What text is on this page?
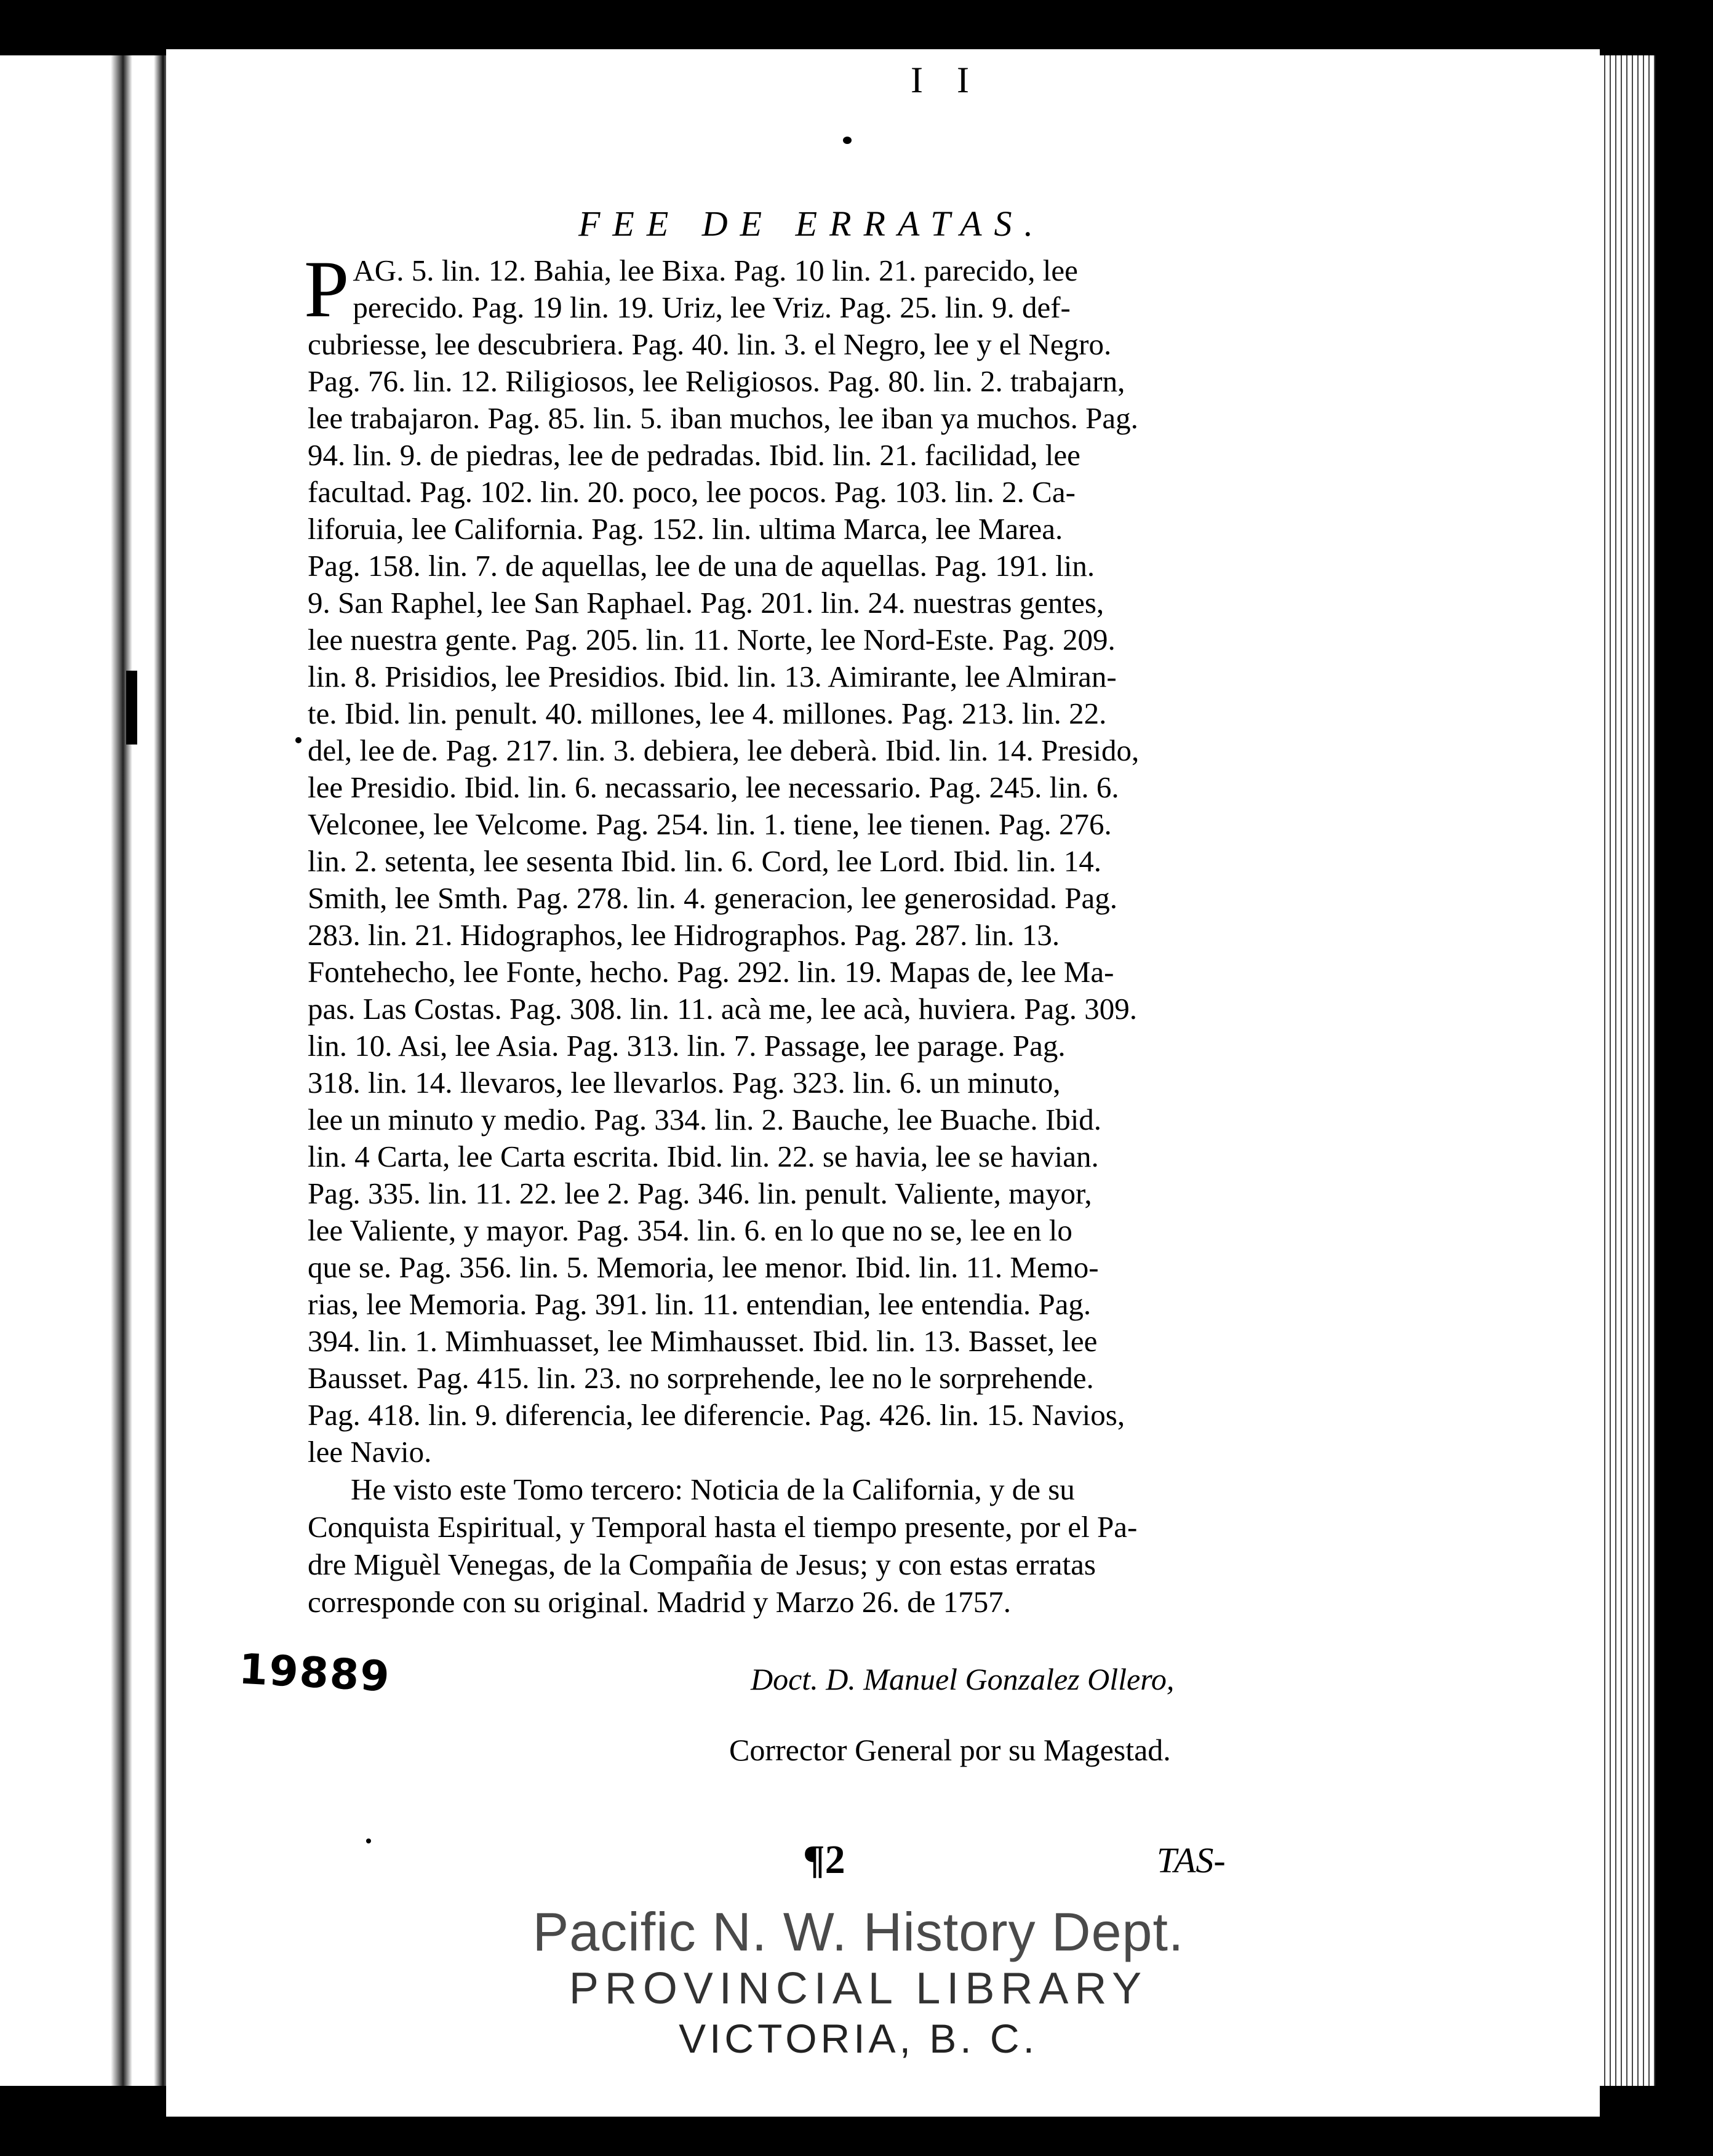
I I
FEE DE ERRATAS.
P AG. 5. lin. 12. Bahia, lee Bixa. Pag. 10 lin. 21. parecido, lee
perecido. Pag. 19 lin. 19. Uriz, lee Vriz. Pag. 25. lin. 9. def-
cubriesse, lee descubriera. Pag. 40. lin. 3. el Negro, lee y el Negro.
Pag. 76. lin. 12. Riligiosos, lee Religiosos. Pag. 80. lin. 2. trabajarn,
lee trabajaron. Pag. 85. lin. 5. iban muchos, lee iban ya muchos. Pag.
94. lin. 9. de piedras, lee de pedradas. Ibid. lin. 21. facilidad, lee
facultad. Pag. 102. lin. 20. poco, lee pocos. Pag. 103. lin. 2. Ca-
liforuia, lee California. Pag. 152. lin. ultima Marca, lee Marea.
Pag. 158. lin. 7. de aquellas, lee de una de aquellas. Pag. 191. lin.
9. San Raphel, lee San Raphael. Pag. 201. lin. 24. nuestras gentes,
lee nuestra gente. Pag. 205. lin. 11. Norte, lee Nord-Este. Pag. 209.
lin. 8. Prisidios, lee Presidios. Ibid. lin. 13. Aimirante, lee Almiran-
te. Ibid. lin. penult. 40. millones, lee 4. millones. Pag. 213. lin. 22.
del, lee de. Pag. 217. lin. 3. debiera, lee deberà. Ibid. lin. 14. Presido,
lee Presidio. Ibid. lin. 6. necassario, lee necessario. Pag. 245. lin. 6.
Velconee, lee Velcome. Pag. 254. lin. 1. tiene, lee tienen. Pag. 276.
lin. 2. setenta, lee sesenta Ibid. lin. 6. Cord, lee Lord. Ibid. lin. 14.
Smith, lee Smth. Pag. 278. lin. 4. generacion, lee generosidad. Pag.
283. lin. 21. Hidographos, lee Hidrographos. Pag. 287. lin. 13.
Fontehecho, lee Fonte, hecho. Pag. 292. lin. 19. Mapas de, lee Ma-
pas. Las Costas. Pag. 308. lin. 11. acà me, lee acà, huviera. Pag. 309.
lin. 10. Asi, lee Asia. Pag. 313. lin. 7. Passage, lee parage. Pag.
318. lin. 14. llevaros, lee llevarlos. Pag. 323. lin. 6. un minuto,
lee un minuto y medio. Pag. 334. lin. 2. Bauche, lee Buache. Ibid.
lin. 4 Carta, lee Carta escrita. Ibid. lin. 22. se havia, lee se havian.
Pag. 335. lin. 11. 22. lee 2. Pag. 346. lin. penult. Valiente, mayor,
lee Valiente, y mayor. Pag. 354. lin. 6. en lo que no se, lee en lo
que se. Pag. 356. lin. 5. Memoria, lee menor. Ibid. lin. 11. Memo-
rias, lee Memoria. Pag. 391. lin. 11. entendian, lee entendia. Pag.
394. lin. 1. Mimhuasset, lee Mimhausset. Ibid. lin. 13. Basset, lee
Bausset. Pag. 415. lin. 23. no sorprehende, lee no le sorprehende.
Pag. 418. lin. 9. diferencia, lee diferencie. Pag. 426. lin. 15. Navios,
lee Navio.
He visto este Tomo tercero: Noticia de la California, y de su
Conquista Espiritual, y Temporal hasta el tiempo presente, por el Pa-
dre Miguèl Venegas, de la Compañia de Jesus; y con estas erratas
corresponde con su original. Madrid y Marzo 26. de 1757.
19889	Doct. D. Manuel Gonzalez Ollero,
Corrector General por su Magestad.
¶2	TAS-
Pacific N. W. History Dept.
PROVINCIAL LIBRARY
VICTORIA, B. C.
